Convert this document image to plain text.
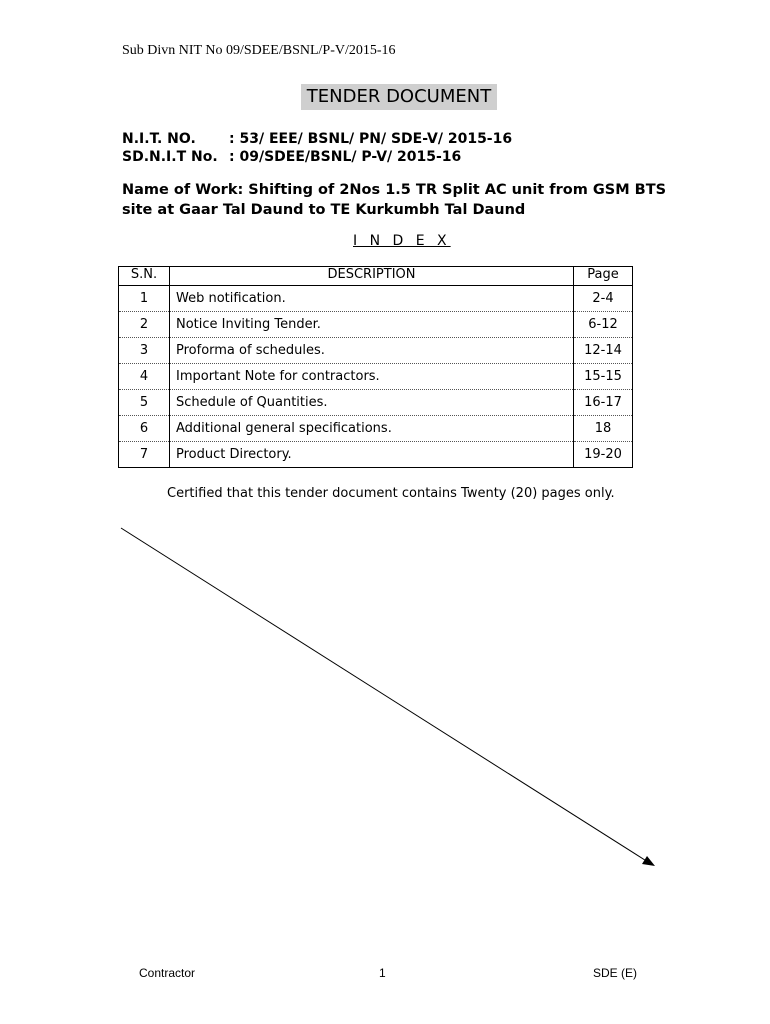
Sub Divn NIT No 09/SDEE/BSNL/P-V/2015-16
TENDER DOCUMENT
N.I.T. NO.	: 53/ EEE/ BSNL/ PN/ SDE-V/ 2015-16
SD.N.I.T No. : 09/SDEE/BSNL/ P-V/ 2015-16
Name of Work: Shifting of 2Nos 1.5 TR Split AC unit from GSM BTS site at Gaar Tal Daund to TE Kurkumbh Tal Daund
I N D E X
S.N.	DESCRIPTION	Page
1	Web notification.	2-4
2	Notice Inviting Tender.	6-12
3	Proforma of schedules.	12-14
4	Important Note for contractors.	15-15
5	Schedule of Quantities.	16-17
6	Additional general specifications.	18
7	Product Directory.	19-20
Certified that this tender document contains Twenty (20) pages only.
Contractor	1	SDE (E)
